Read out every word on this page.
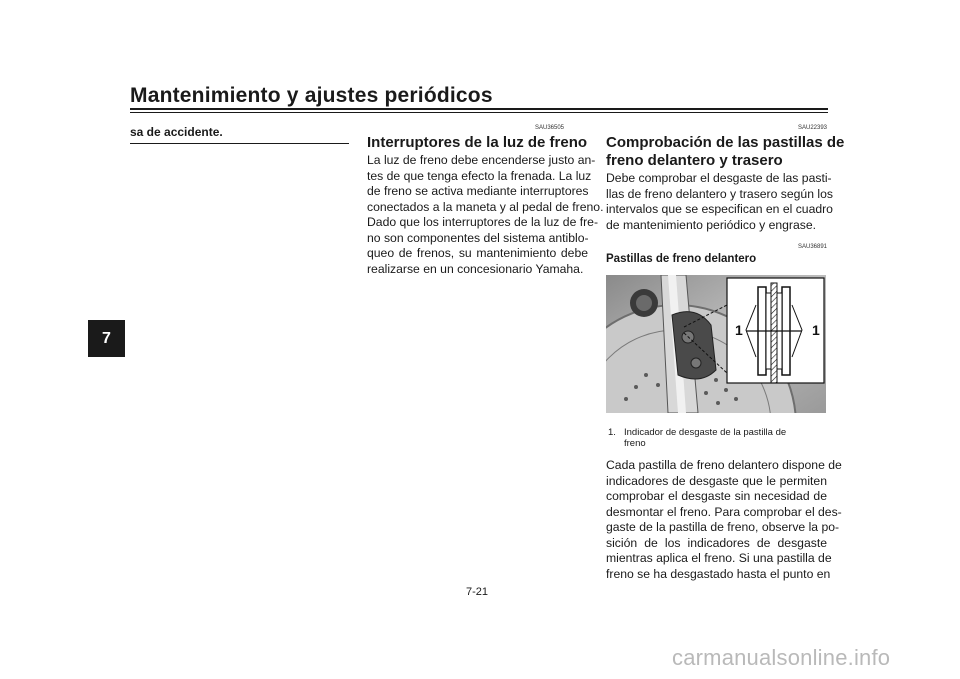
Mantenimiento y ajustes periódicos
7
sa de accidente.	SAU36505
Interruptores de la luz de freno
La luz de freno debe encenderse justo an-
tes de que tenga efecto la frenada. La luz
de freno se activa mediante interruptores
conectados a la maneta y al pedal de freno.
Dado que los interruptores de la luz de fre-
no son componentes del sistema antiblo-
queo de frenos, su mantenimiento debe
realizarse en un concesionario Yamaha.
SAU22393
Comprobación de las pastillas de
freno delantero y trasero
Debe comprobar el desgaste de las pasti-
llas de freno delantero y trasero según los
intervalos que se especifican en el cuadro
de mantenimiento periódico y engrase.
SAU36891
Pastillas de freno delantero
1	1
1. Indicador de desgaste de la pastilla de
freno
Cada pastilla de freno delantero dispone de
indicadores de desgaste que le permiten
comprobar el desgaste sin necesidad de
desmontar el freno. Para comprobar el des-
gaste de la pastilla de freno, observe la po-
sición de los indicadores de desgaste
mientras aplica el freno. Si una pastilla de
freno se ha desgastado hasta el punto en
7-21
carmanualsonline.info
